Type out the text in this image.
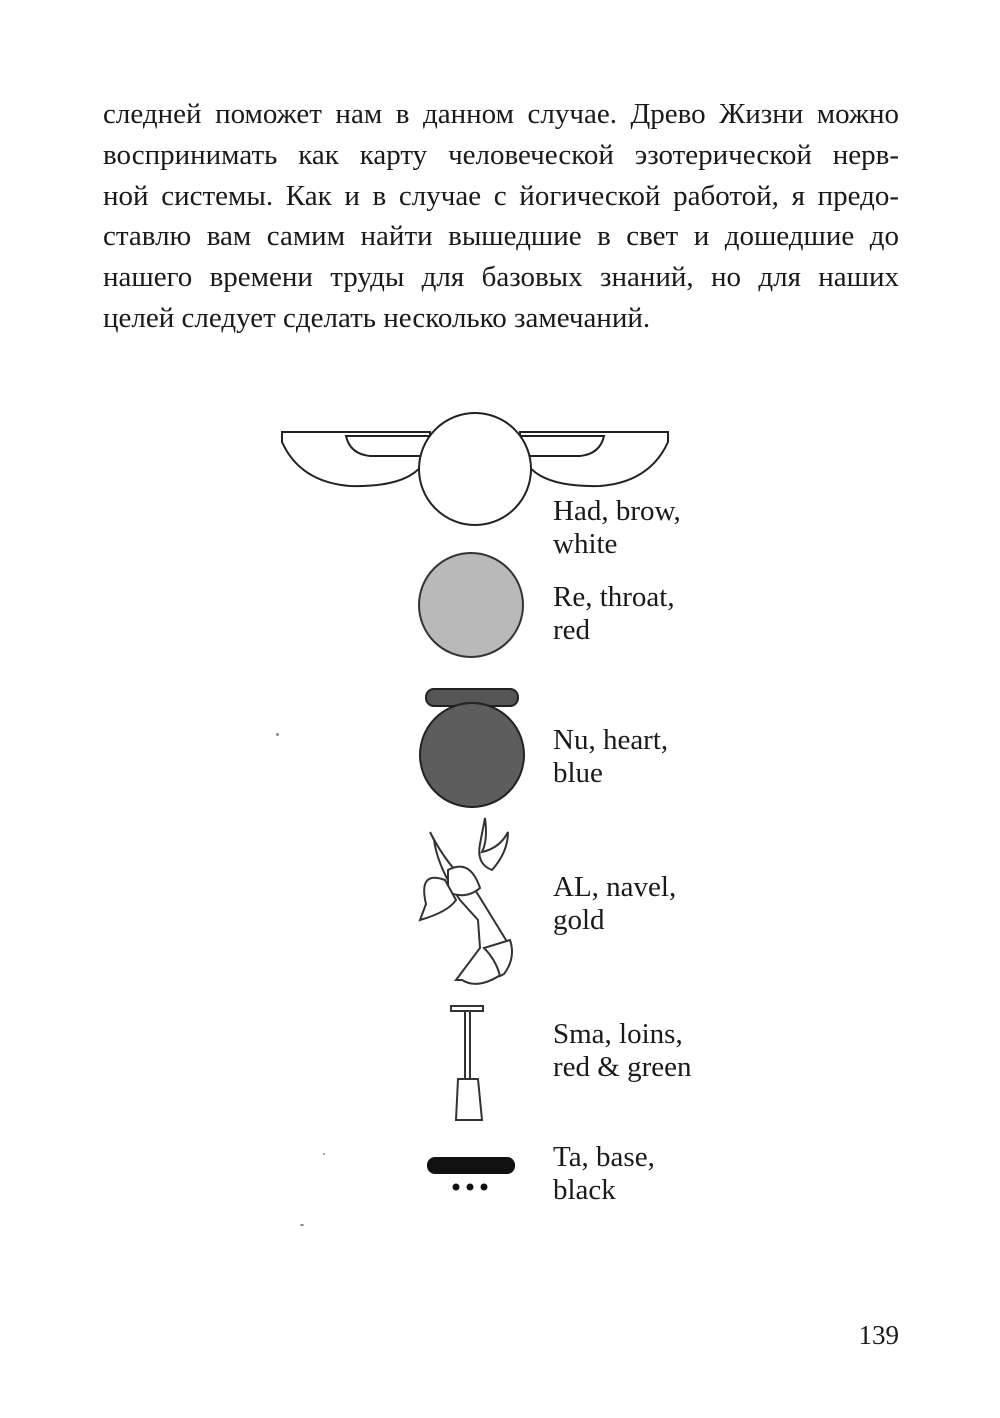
следней поможет нам в данном случае. Древо Жизни можно
воспринимать как карту человеческой эзотерической нерв-
ной системы. Как и в случае с йогической работой, я предо-
ставлю вам самим найти вышедшие в свет и дошедшие до
нашего времени труды для базовых знаний, но для наших
целей следует сделать несколько замечаний.

Had, brow,
white
Re, throat,
red
Nu, heart,
blue
AL, navel,
gold
Sma, loins,
red & green
Ta, base,
black
139
